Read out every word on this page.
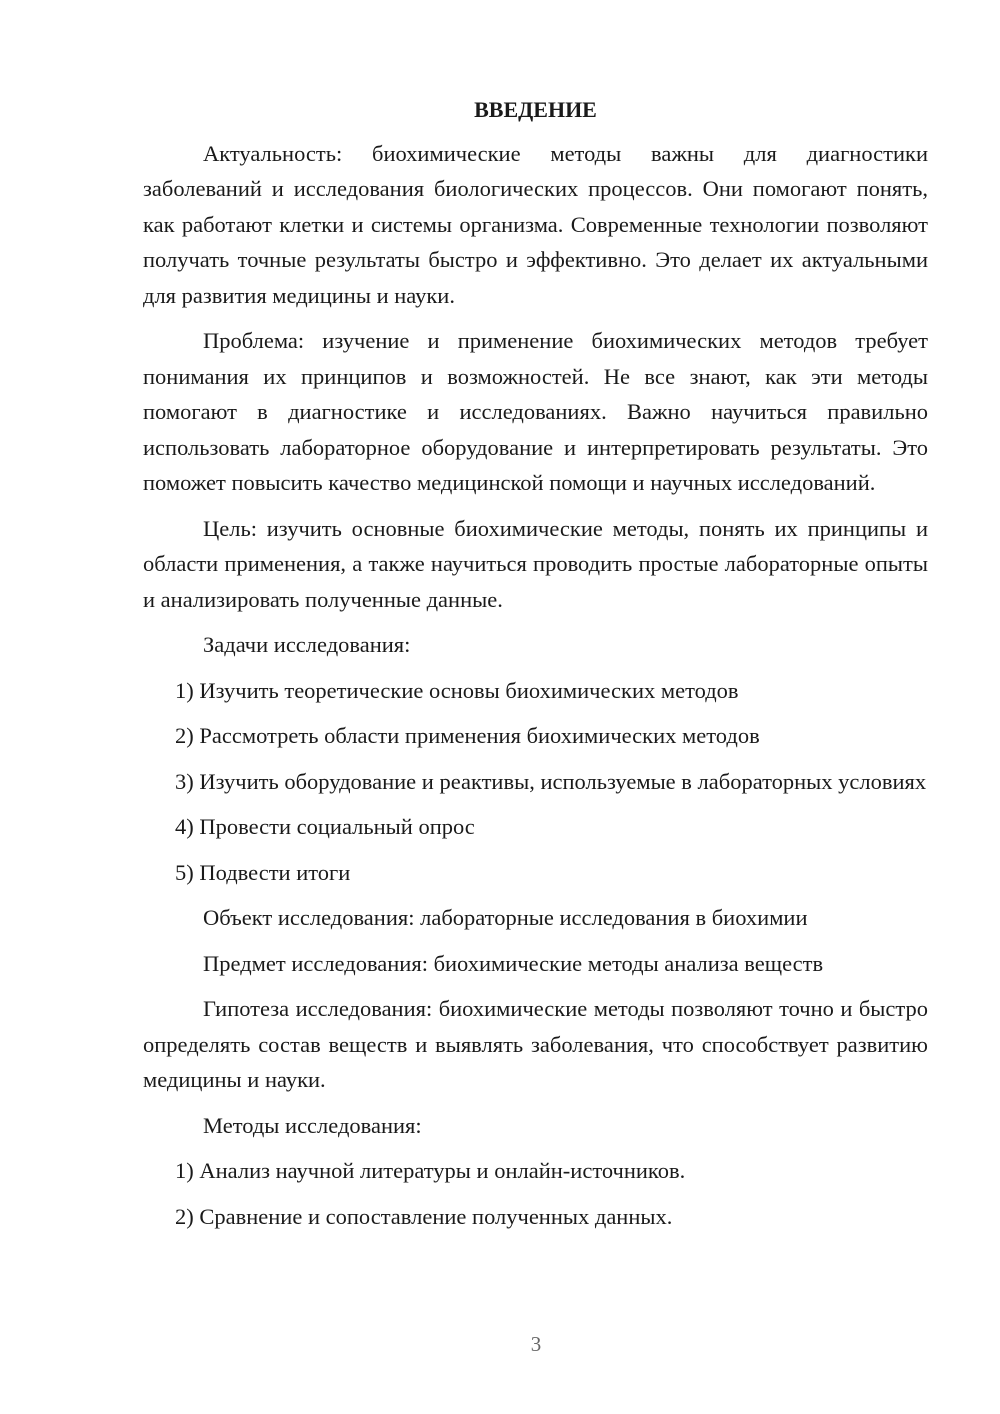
ВВЕДЕНИЕ

Актуальность: биохимические методы важны для диагностики заболеваний и исследования биологических процессов. Они помогают понять, как работают клетки и системы организма. Современные технологии позволяют получать точные результаты быстро и эффективно. Это делает их актуальными для развития медицины и науки.

Проблема: изучение и применение биохимических методов требует понимания их принципов и возможностей. Не все знают, как эти методы помогают в диагностике и исследованиях. Важно научиться правильно использовать лабораторное оборудование и интерпретировать результаты. Это поможет повысить качество медицинской помощи и научных исследований.

Цель: изучить основные биохимические методы, понять их принципы и области применения, а также научиться проводить простые лабораторные опыты и анализировать полученные данные.

Задачи исследования:

1) Изучить теоретические основы биохимических методов

2) Рассмотреть области применения биохимических методов

3) Изучить оборудование и реактивы, используемые в лабораторных условиях

4) Провести социальный опрос

5) Подвести итоги

Объект исследования: лабораторные исследования в биохимии

Предмет исследования: биохимические методы анализа веществ

Гипотеза исследования: биохимические методы позволяют точно и быстро определять состав веществ и выявлять заболевания, что способствует развитию медицины и науки.

Методы исследования:

1) Анализ научной литературы и онлайн-источников.

2) Сравнение и сопоставление полученных данных.

3
